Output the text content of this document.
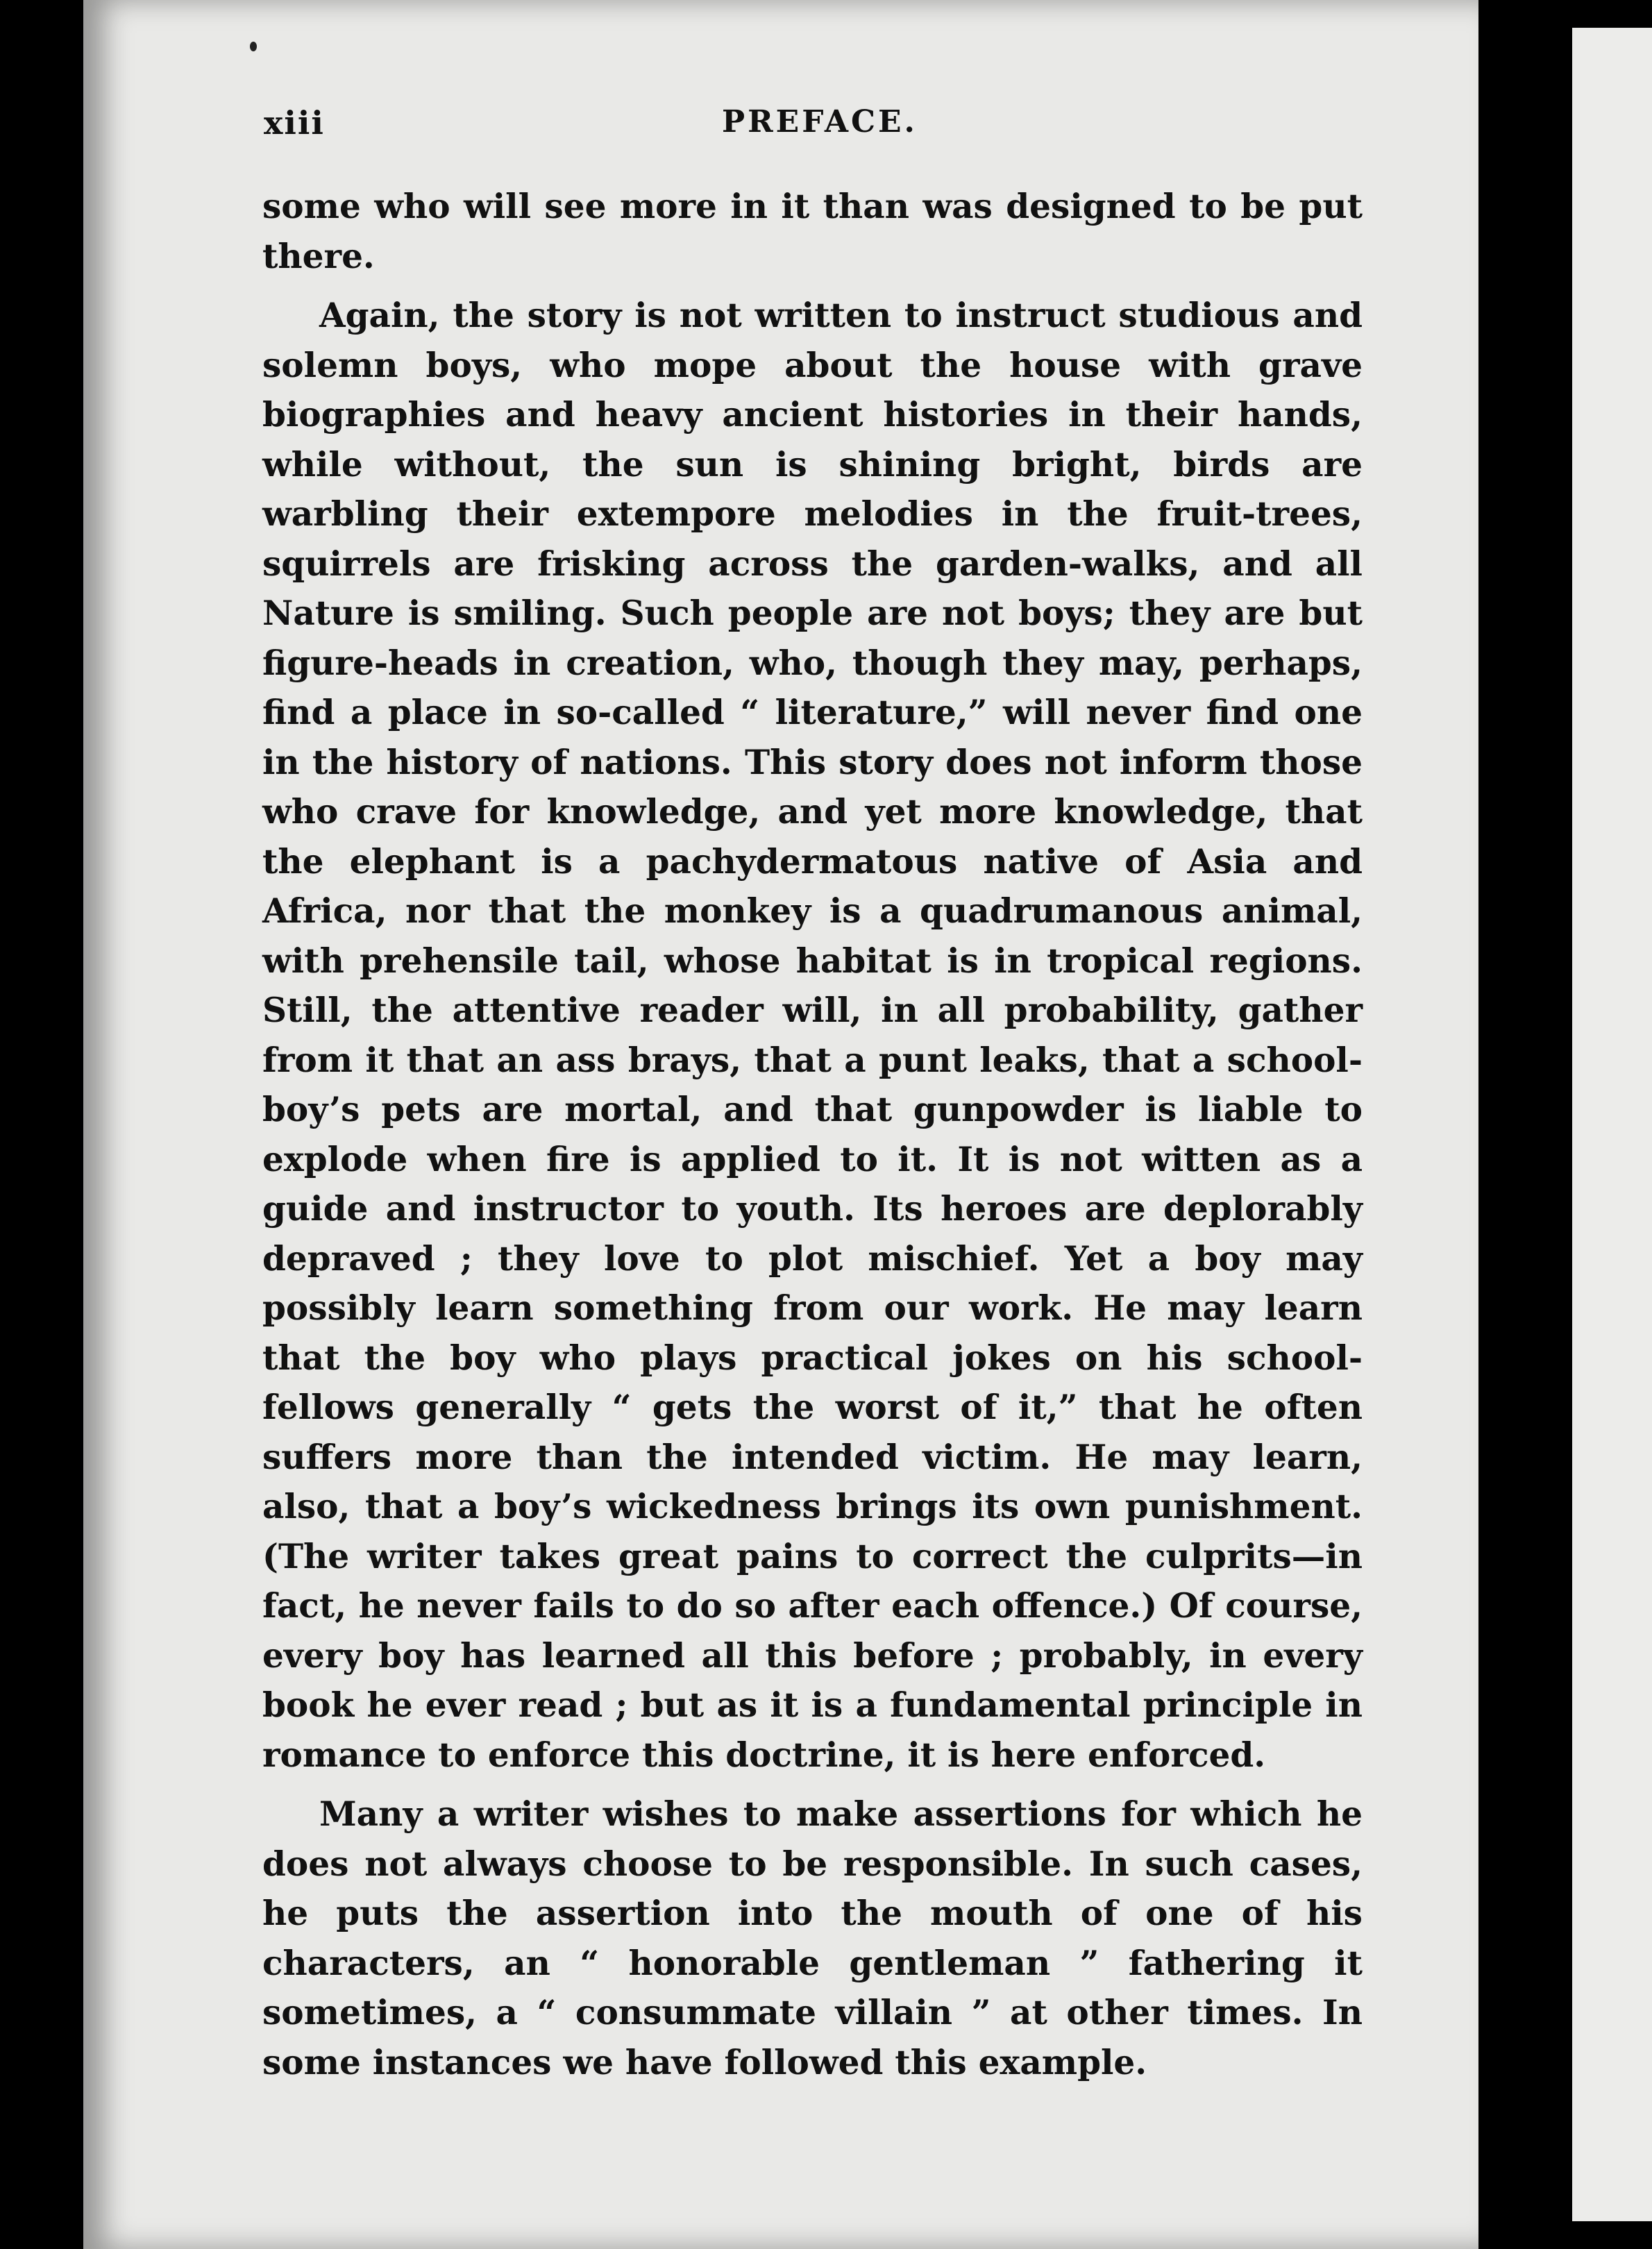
xiii	PREFACE.

some who will see more in it than was designed to be put there.

Again, the story is not written to instruct studious and solemn boys, who mope about the house with grave biographies and heavy ancient histories in their hands, while without, the sun is shining bright, birds are warbling their extempore melodies in the fruit-trees, squirrels are frisking across the garden-walks, and all Nature is smiling. Such people are not boys; they are but figure-heads in creation, who, though they may, perhaps, find a place in so-called “ literature,” will never find one in the history of nations. This story does not inform those who crave for knowledge, and yet more knowledge, that the elephant is a pachydermatous native of Asia and Africa, nor that the monkey is a quadrumanous animal, with prehensile tail, whose habitat is in tropical regions. Still, the attentive reader will, in all probability, gather from it that an ass brays, that a punt leaks, that a school-boy’s pets are mortal, and that gunpowder is liable to explode when fire is applied to it. It is not witten as a guide and instructor to youth. Its heroes are deplorably depraved ; they love to plot mischief. Yet a boy may possibly learn something from our work. He may learn that the boy who plays practical jokes on his school-fellows generally “ gets the worst of it,” that he often suffers more than the intended victim. He may learn, also, that a boy’s wickedness brings its own punishment. (The writer takes great pains to correct the culprits—in fact, he never fails to do so after each offence.) Of course, every boy has learned all this before ; probably, in every book he ever read ; but as it is a fundamental principle in romance to enforce this doctrine, it is here enforced.

Many a writer wishes to make assertions for which he does not always choose to be responsible. In such cases, he puts the assertion into the mouth of one of his characters, an “ honorable gentleman ” fathering it sometimes, a “ consummate villain ” at other times. In some instances we have followed this example.
